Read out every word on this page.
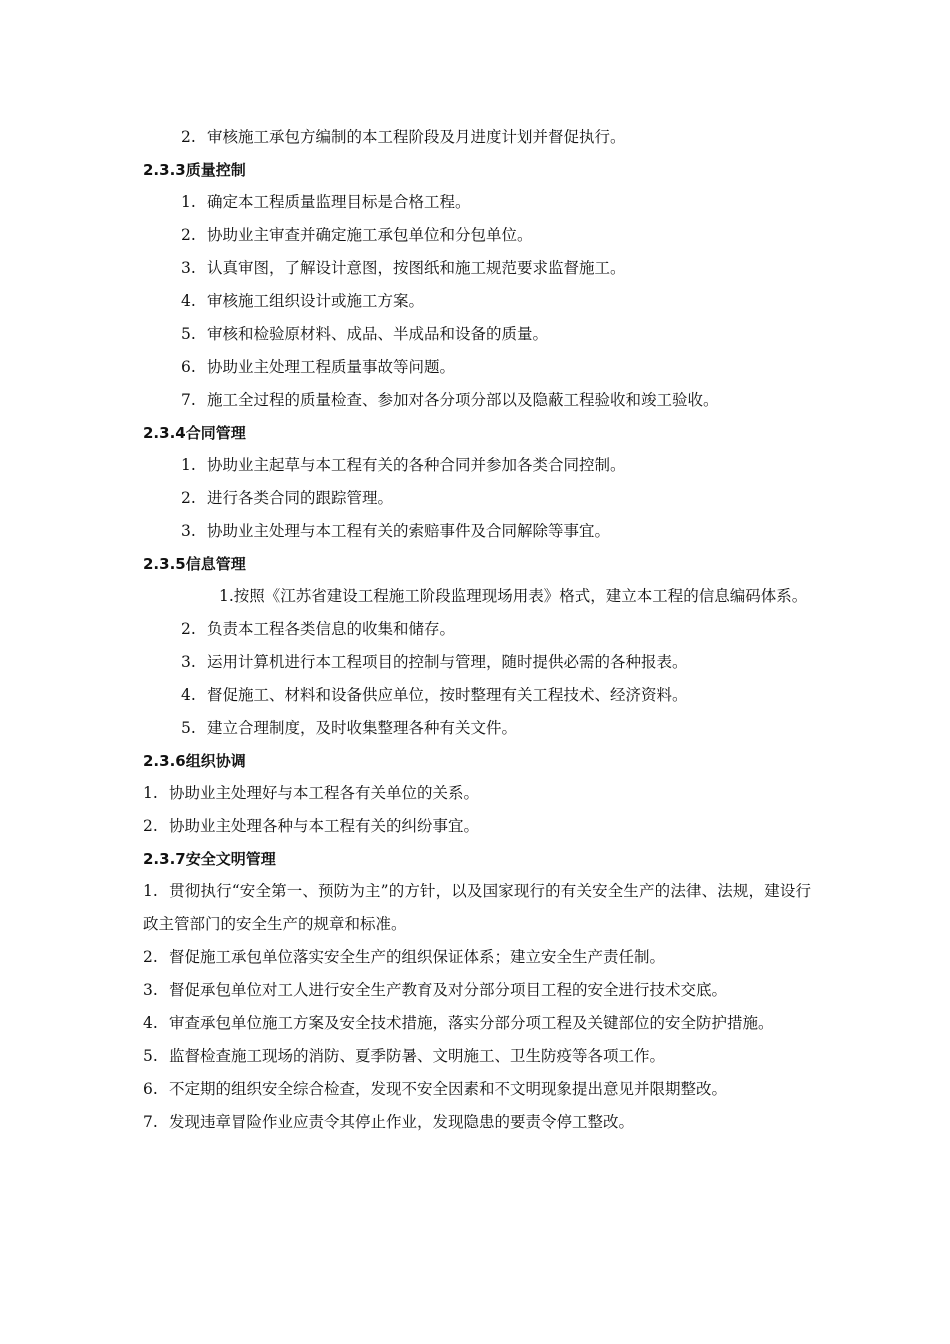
2. 审核施工承包方编制的本工程阶段及月进度计划并督促执行。
2.3.3质量控制
1. 确定本工程质量监理目标是合格工程。
2. 协助业主审查并确定施工承包单位和分包单位。
3. 认真审图，了解设计意图，按图纸和施工规范要求监督施工。
4. 审核施工组织设计或施工方案。
5. 审核和检验原材料、成品、半成品和设备的质量。
6. 协助业主处理工程质量事故等问题。
7. 施工全过程的质量检查、参加对各分项分部以及隐蔽工程验收和竣工验收。
2.3.4合同管理
1. 协助业主起草与本工程有关的各种合同并参加各类合同控制。
2. 进行各类合同的跟踪管理。
3. 协助业主处理与本工程有关的索赔事件及合同解除等事宜。
2.3.5信息管理
1.按照《江苏省建设工程施工阶段监理现场用表》格式，建立本工程的信息编码体系。
2. 负责本工程各类信息的收集和储存。
3. 运用计算机进行本工程项目的控制与管理，随时提供必需的各种报表。
4. 督促施工、材料和设备供应单位，按时整理有关工程技术、经济资料。
5. 建立合理制度，及时收集整理各种有关文件。
2.3.6组织协调
1. 协助业主处理好与本工程各有关单位的关系。
2. 协助业主处理各种与本工程有关的纠纷事宜。
2.3.7安全文明管理
1. 贯彻执行“安全第一、预防为主”的方针，以及国家现行的有关安全生产的法律、法规，建设行政主管部门的安全生产的规章和标准。
2. 督促施工承包单位落实安全生产的组织保证体系；建立安全生产责任制。
3. 督促承包单位对工人进行安全生产教育及对分部分项目工程的安全进行技术交底。
4. 审查承包单位施工方案及安全技术措施，落实分部分项工程及关键部位的安全防护措施。
5. 监督检查施工现场的消防、夏季防暑、文明施工、卫生防疫等各项工作。
6. 不定期的组织安全综合检查，发现不安全因素和不文明现象提出意见并限期整改。
7. 发现违章冒险作业应责令其停止作业，发现隐患的要责令停工整改。
